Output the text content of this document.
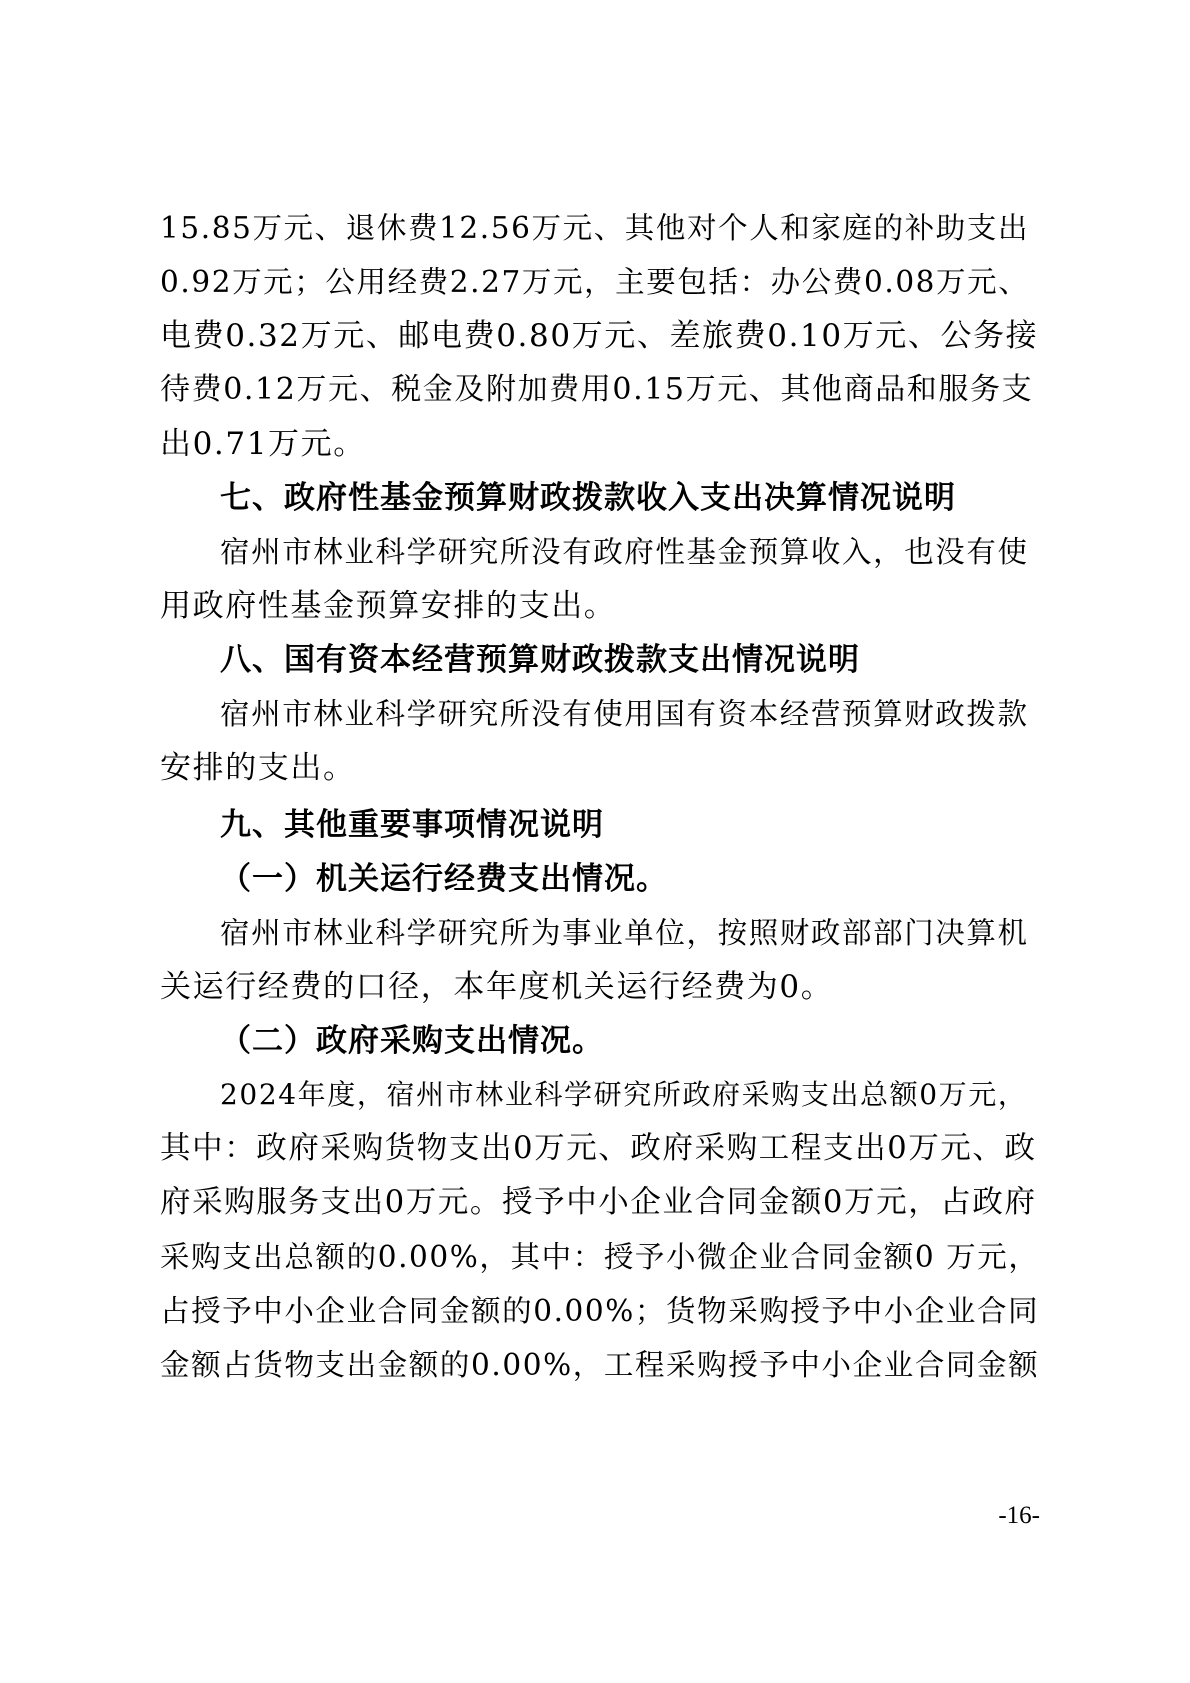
15.85万元、退休费12.56万元、其他对个人和家庭的补助支出
0.92万元；公用经费2.27万元，主要包括：办公费0.08万元、
电费0.32万元、邮电费0.80万元、差旅费0.10万元、公务接
待费0.12万元、税金及附加费用0.15万元、其他商品和服务支
出0.71万元。
七、政府性基金预算财政拨款收入支出决算情况说明
宿州市林业科学研究所没有政府性基金预算收入，也没有使
用政府性基金预算安排的支出。
八、国有资本经营预算财政拨款支出情况说明
宿州市林业科学研究所没有使用国有资本经营预算财政拨款
安排的支出。
九、其他重要事项情况说明
（一）机关运行经费支出情况。
宿州市林业科学研究所为事业单位，按照财政部部门决算机
关运行经费的口径，本年度机关运行经费为0。
（二）政府采购支出情况。
2024年度，宿州市林业科学研究所政府采购支出总额0万元，
其中：政府采购货物支出0万元、政府采购工程支出0万元、政
府采购服务支出0万元。授予中小企业合同金额0万元，占政府
采购支出总额的0.00%，其中：授予小微企业合同金额0 万元，
占授予中小企业合同金额的0.00%；货物采购授予中小企业合同
金额占货物支出金额的0.00%，工程采购授予中小企业合同金额
-16-
